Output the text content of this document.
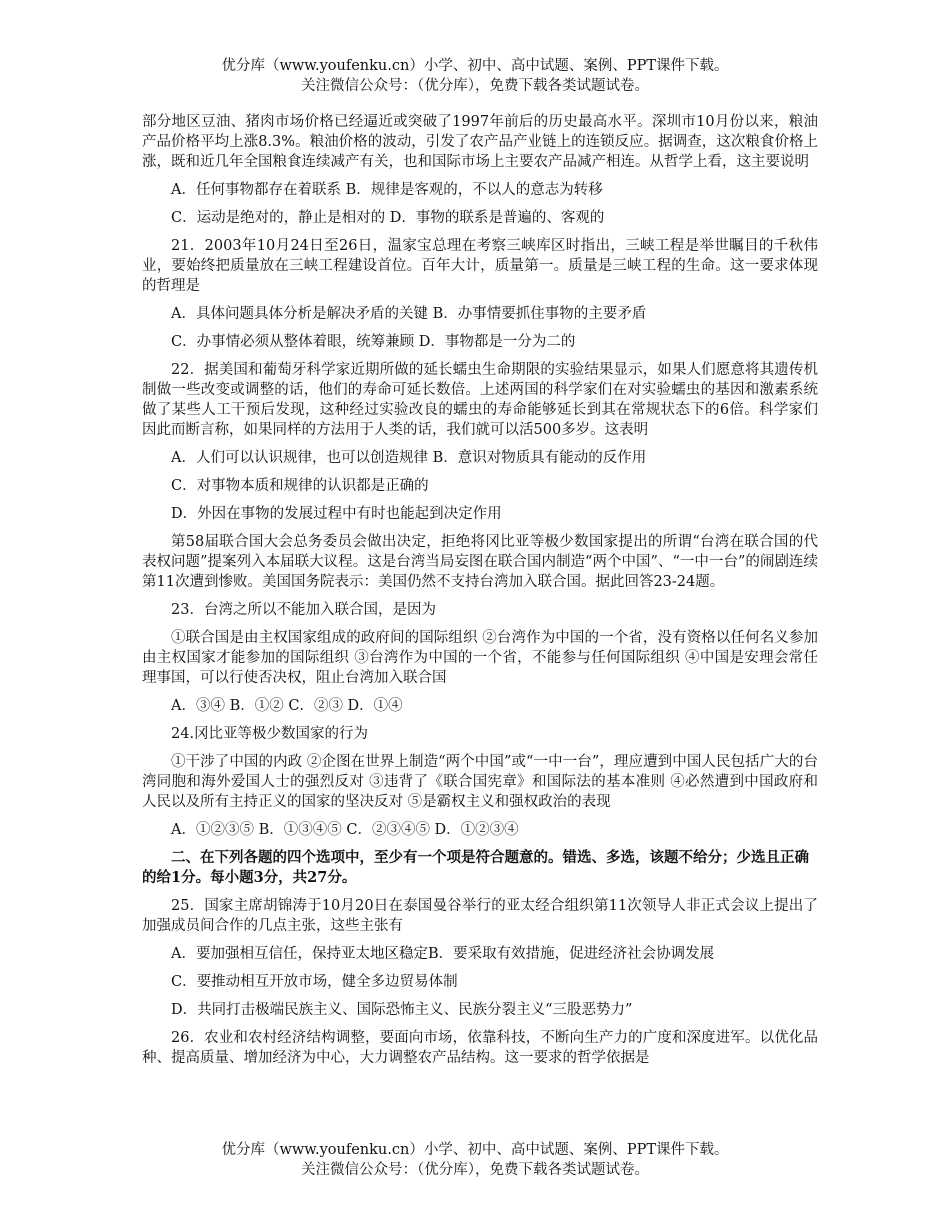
优分库（www.youfenku.cn）小学、初中、高中试题、案例、PPT课件下载。
关注微信公众号：（优分库），免费下载各类试题试卷。

部分地区豆油、猪肉市场价格已经逼近或突破了1997年前后的历史最高水平。深圳市10月份以来，粮油产品价格平均上涨8.3%。粮油价格的波动，引发了农产品产业链上的连锁反应。据调查，这次粮食价格上涨，既和近几年全国粮食连续减产有关，也和国际市场上主要农产品减产相连。从哲学上看，这主要说明

A．任何事物都存在着联系 B．规律是客观的，不以人的意志为转移
C．运动是绝对的，静止是相对的 D．事物的联系是普遍的、客观的

21．2003年10月24日至26日，温家宝总理在考察三峡库区时指出，三峡工程是举世瞩目的千秋伟业，要始终把质量放在三峡工程建设首位。百年大计，质量第一。质量是三峡工程的生命。这一要求体现的哲理是

A．具体问题具体分析是解决矛盾的关键 B．办事情要抓住事物的主要矛盾
C．办事情必须从整体着眼，统筹兼顾 D．事物都是一分为二的

22．据美国和葡萄牙科学家近期所做的延长蠕虫生命期限的实验结果显示，如果人们愿意将其遗传机制做一些改变或调整的话，他们的寿命可延长数倍。上述两国的科学家们在对实验蠕虫的基因和激素系统做了某些人工干预后发现，这种经过实验改良的蠕虫的寿命能够延长到其在常规状态下的6倍。科学家们因此而断言称，如果同样的方法用于人类的话，我们就可以活500多岁。这表明

A．人们可以认识规律，也可以创造规律 B．意识对物质具有能动的反作用
C．对事物本质和规律的认识都是正确的
D．外因在事物的发展过程中有时也能起到决定作用

第58届联合国大会总务委员会做出决定，拒绝将冈比亚等极少数国家提出的所谓“台湾在联合国的代表权问题”提案列入本届联大议程。这是台湾当局妄图在联合国内制造“两个中国”、“一中一台”的闹剧连续第11次遭到惨败。美国国务院表示：美国仍然不支持台湾加入联合国。据此回答23-24题。

23．台湾之所以不能加入联合国，是因为

①联合国是由主权国家组成的政府间的国际组织 ②台湾作为中国的一个省，没有资格以任何名义参加由主权国家才能参加的国际组织 ③台湾作为中国的一个省，不能参与任何国际组织 ④中国是安理会常任理事国，可以行使否决权，阻止台湾加入联合国

A．③④ B．①② C．②③ D．①④

24.冈比亚等极少数国家的行为

①干涉了中国的内政 ②企图在世界上制造“两个中国”或“一中一台”，理应遭到中国人民包括广大的台湾同胞和海外爱国人士的强烈反对 ③违背了《联合国宪章》和国际法的基本准则 ④必然遭到中国政府和人民以及所有主持正义的国家的坚决反对 ⑤是霸权主义和强权政治的表现

A．①②③⑤ B．①③④⑤ C．②③④⑤ D．①②③④

二、在下列各题的四个选项中，至少有一个项是符合题意的。错选、多选，该题不给分；少选且正确的给1分。每小题3分，共27分。

25．国家主席胡锦涛于10月20日在泰国曼谷举行的亚太经合组织第11次领导人非正式会议上提出了加强成员间合作的几点主张，这些主张有

A．要加强相互信任，保持亚太地区稳定B．要采取有效措施，促进经济社会协调发展
C．要推动相互开放市场，健全多边贸易体制
D．共同打击极端民族主义、国际恐怖主义、民族分裂主义“三股恶势力”

26．农业和农村经济结构调整，要面向市场，依靠科技，不断向生产力的广度和深度进军。以优化品种、提高质量、增加经济为中心，大力调整农产品结构。这一要求的哲学依据是

优分库（www.youfenku.cn）小学、初中、高中试题、案例、PPT课件下载。
关注微信公众号：（优分库），免费下载各类试题试卷。
